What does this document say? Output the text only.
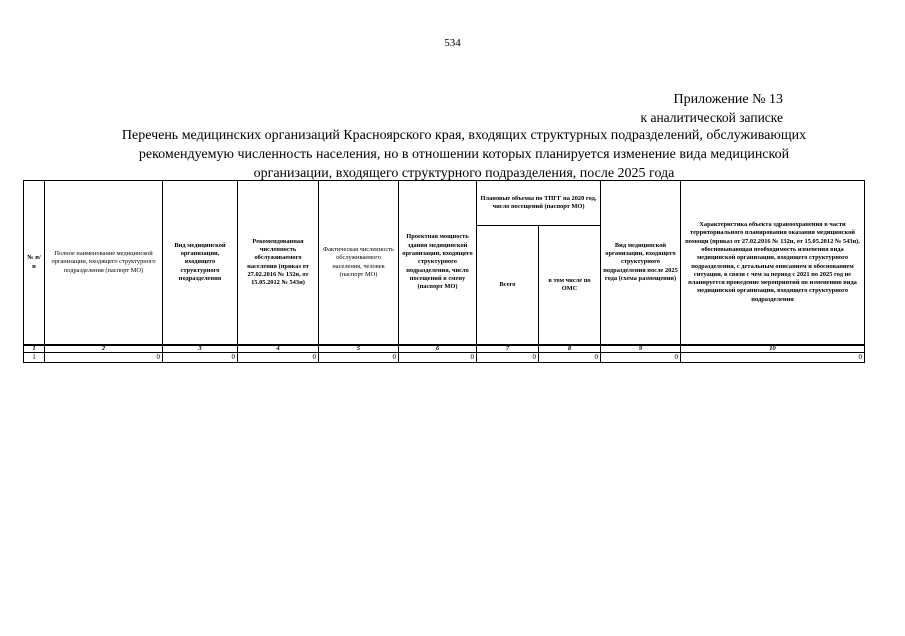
534
Приложение № 13
к аналитической записке
Перечень медицинских организаций Красноярского края, входящих структурных подразделений, обслуживающих
рекомендуемую численность населения, но в отношении которых планируется изменение вида медицинской
организации, входящего структурного подразделения, после 2025 года
№ п/п	Полное наименование медицинской организации, входящего структурного подразделения (паспорт МО)	Вид медицинской организации, входящего структурного подразделения	Рекомендованная численность обслуживаемого населения (приказ от 27.02.2016 № 132н, от 15.05.2012 № 543н)	Фактическая численность обслуживаемого населения, человек (паспорт МО)	Проектная мощность здания медицинской организации, входящего структурного подразделения, число посещений в смену (паспорт МО)	Плановые объемы по ТПГГ на 2020 год, число посещений (паспорт МО)		Вид медицинской организации, входящего структурного подразделения после 2025 года (схема размещения)	Характеристика объекта здравоохранения в части территориального планирования оказания медицинской помощи (приказ от 27.02.2016 № 132н, от 15.05.2012 № 543н), обосновывающая необходимость изменения вида медицинской организации, входящего структурного подразделения, с детальным описанием и обоснованием ситуации, в связи с чем за период с 2021 по 2025 год не планируется проведение мероприятий по изменению вида медицинской организации, входящего структурного подразделения
						Всего	в том числе по ОМС		
1	2	3	4	5	6	7	8	9	10
1	0	0	0	0	0	0	0	0	0
